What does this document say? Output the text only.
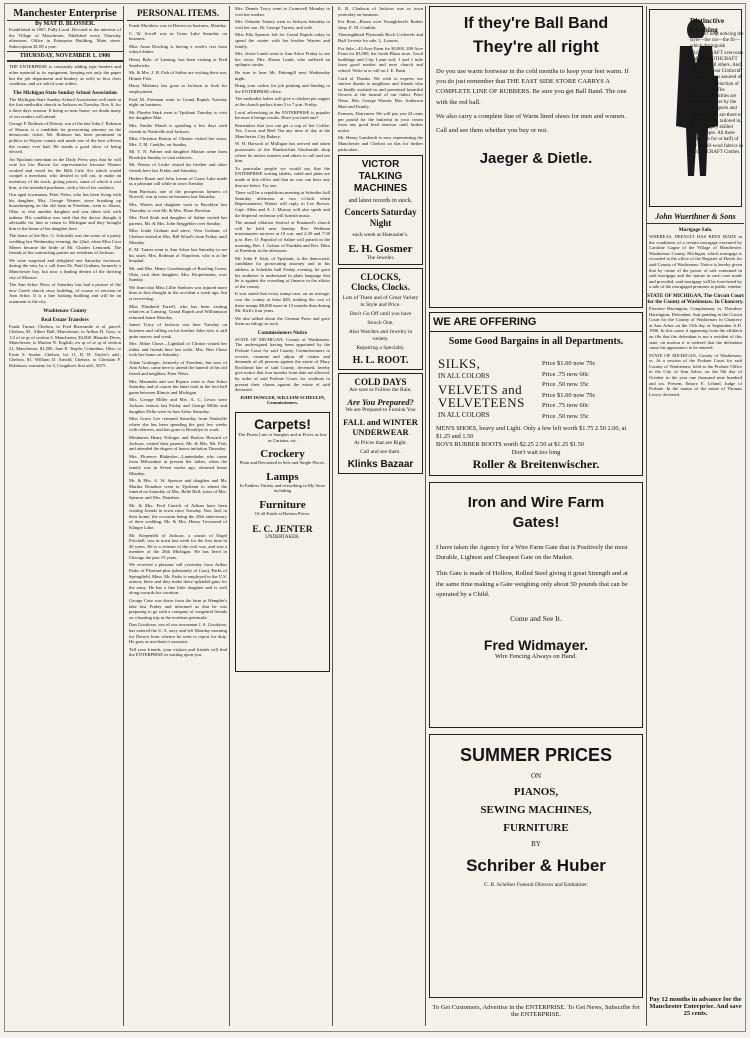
Manchester Enterprise
By MAT D. BLOSSER.
Established in 1867. Fully Local. Devoted to the interests of the Village of Manchester, Published every Thursday afternoon. Office in Enterprise Building, Main street. Subscription $1.00 a year.
THURSDAY, NOVEMBER 1, 1906

THE ENTERPRISE is constantly adding type headers and other material to its equipment, keeping not only the paper but the job department and bindery as well, in first class condition, and we solicit your orders.

The Michigan State Sunday School Association

The Michigan State Sunday School Association will meet at the first methodist church in Jackson on Tuesday, Nov. 6, for a three days session. It being so near home, we doubt many of our readers will attend.

George F. Rothsen of Detroit, son of the late John J. Robison of Sharon, is a candidate for prosecuting attorney on the democratic ticket. Mr. Robison has been prominent in politics in Wayne county and made one of the best officers the county ever had. He stands a good show of being elected.

An Ypsilanti merchant in the Daily Press says that he will vote for Lin Brown for representative because Warner worked and voted for the Bills Cafe Act which would compel a merchant, who desired to sell out, to make an inventory of his stock, giving prices, some of which it cost him, to the intended purchaser, with a list of his creditors.

Our aged townsman, Peter Neiss, who has been living with his daughter, Mrs. George Warner, since breaking up housekeeping on the old farm in Freedom, went to Akron, Ohio, to visit another daughter and was taken sick with asthma. His condition was such that the doctor thought it advisable for him to return to Michigan and they brought him to the home of his daughter here.

The home of the Rev. G. Schoettle was the scene of a pretty wedding last Wednesday evening, the 22nd, when Miss Cora Menes became the bride of Mr. Charles Lemonek. The friends of the contracting parties are residents of Jackson.

We were surprised and delighted one Saturday forenoon, during the rain, by a call from Dr. Paul Graham, formerly a Manchester boy, but now a leading dentist of the thriving city of Monroe.

The Ann Arbor News of Saturday last had a picture of the new Greek church story building, of course of erection in Ann Arbor. It is a fine looking building and will be an ornament to the city.

Washtenaw County
Real Estate Transfers

Frank Turner, Chelsea, to Fred Broesamle et al, parcel, Chelsea, $1. Albert Hall, Manchester, to Arthur H. Goss, w 1/2 of se qr of section 3, Manchester, $3,000. Blanche Diver, Manchester, to Marion N. English, ew qr of se qr of section 21, Manchester, $1,500. Jane E. Teeple, Columbus, Ohio, to Ernie S. Sonier, Chelsea, lot 11, D. H. Taylor's add., Chelsea, $1. William D. Arnold, Chelsea, to Christian F. Robinson, warranty lot 3, Congdon's first add., $375.

PERSONAL ITEMS.

Frank Merithew was in Detroit on business, Monday.

C. W. Jewell was in Grass Lake Saturday on business.

Miss Anna Dowling is having a week's rest from school duties.

Henry Bole, of Lansing, has been visiting at Fred Sandwicks.

Mr. & Mrs. J. H. Fish of Saline are visiting their son, Homer Fish.

Harry Maloney has gone to Jackson to look for employment.

Fred M. Freeman went to Grand Rapids Tuesday night on business.

Mr. Phoebe Stark went to Ypsilanti Tuesday to visit her daughter Mae.

Mrs. Emilie Marsh is spending a few days with friends in Nashville and Jackson.

Miss Christina Barton of Clinton visited her sister, Mrs. T. M. Conklin, on Sunday.

Mr. T. N. Palmer and daughter Marian came from Brooklyn Sunday to visit relatives.

Mr. Waters of Leslie visited his brother and other friends here last Friday and Saturday.

Herbert Bauer and John Lemm of Grass Lake made us a pleasant call while in town Tuesday.

Sam Burtwatt, one of the prosperous farmers of Norvell, was in town on business last Saturday.

Mrs. Waters and daughter went to Brooklyn last Thursday to visit Mr. & Mrs. Elmo Hovelan.

Mrs. Fred Stark and daughter of Saline visited her parents, Mr. & Mrs. John Sieggehler over Sunday.

Miss Linda Graham and niece, Vera Graham, of Chelsea visited at Mrs. Bill Wood's from Friday until Monday.

E. M. Turner went to Ann Arbor last Saturday to see his sister, Mrs. Rodman of Napoleon, who is at the hospital.

Mr. and Mrs. Henry Goodenough of Bowling Green, Ohio, visit their daughter, Mrs. Klopfenstein, over Sunday.

We learn that Miss Lillie Sanborn was injured more than at first thought in the accident a week ago, but is recovering.

Miss Elizabeth Farrell, who has been visiting relatives at Lansing, Grand Rapids and Williamston returned home Monday.

James Tracy of Jackson was here Tuesday on business and calling on his brother John who is still quite narrow and weak.

Mrs. Abbie Chase—Lightball of Clinton visited her father and friends here last week. Mrs. Bert Chase took her home on Saturday.

Adam Gottinger, formerly of Freedom, but now of Ann Arbor, came here to attend the funeral of his old friend and neighbor, Peter Neiss.

Mrs. Marander and son Raynor went to Ann Arbor Saturday and of course the latter took in the foot ball game between Illinois and Michigan.

Mrs. George Miller and Mrs. A. C. Lewis were Jackson visitors last Friday and George Miller and daughter Della were in Ann Arbor Saturday.

Miss Grace Lee returned Saturday from Nashville where she has been spending the past few weeks with relatives, and has gone to Brooklyn to work.

Mesdames Henry Eslinger and Harlow Howard of Jackson, visited their parents, Mr. & Mrs. Mr. Fish, and attended the degree of honor initiation Thursday.

Mrs. Florence Blakeslee—Lantenbahn who came from Milwaukee at present her father, when the family was in Seven weeks ago, returned home Monday.

Mr. & Mrs. A. W. Spencer and daughter and Mr. Martha Donahoe went to Ypsilanti to attend the funeral on Saturday of Mrs. Belle Hall, sister of Mrs. Spencer and Mrs. Donahoe.

Mr. & Mrs. Fred Carrick of Adrian have been visiting friends in town since Tuesday, Nov. 2nd, in their home, the occasion being the 20th anniversary of their wedding, Mr. & Mrs. Henry Townsend of Klinger Lake.

Mr. Kiepenfelt of Jackson, a cousin of Engel Fritchell, was in town last week for the first time in 40 years. He is a veteran of the civil war, and was a member of the 20th Michigan. He has lived in Chicago the past 15 years.

We received a pleasant call yesterday from Arthur Parks of Pleasant-plus (pleasantly of Cass), Parks of Springfield, Mass. Mr. Parks is employed in the U.S. armory there and they make these splendid guns for the army. He has a fine little daughter and is well along towards his vacation.

George Case was down from the farm at Wampler's lake last Friday and informed us that he was preparing to go with a company of congenial friends on a hunting trip in the northern peninsula.

Dan Goodyear, son of our townsman J. S. Goodyear, has entered the U. S. navy and left Monday morning for Detroit from whence he went to report for duty. He goes as mechanic's assistant.

Tell your friends, your visitors and friends will find the ENTERPRISE in waiting upon you.

Mrs. Dennis Tracy went to Cromwell Monday to visit her mother.

Mrs. Orlando Turney went to Jackson Saturday to visit her son, Dr. George Turney, and wife.

Miss Ella Spencer left for Grand Rapids today to spend the winter with her brother Warren and family.

Mrs. Jessie Lamb went to Ann Arbor Friday to see her sister, Mrs. Hiram Lamb, who suffered an epileptic stroke.

Be sure to hear Mr. Pattengill next Wednesday night.

Bring your orders for job printing and binding to the ENTERPRISE office.

The methodist ladies will give a chicken pie supper at the church parlors from 5 to 7 p.m. Friday.

Local advertising in the ENTERPRISE is popular because it brings results. Have you tried one?

Remember that you can get a cup of hot Coffee, Tea, Cocoa and Beef Tea any time of day at the Manchester City Bakery.

W. H. Harsoch of Mulligan has arrived and taken possession of the Handorchini blacksmith shop where he invites farmers and others to call and see him.

To particular people we would say that the ENTERPRISE writing tablets, ruled and plain are made at this office and that no one can have any that are better. Try one.

There will be a republican meeting at Schettler hall Saturday afternoon at two o'clock when Representative Waters will reply to Lee Brown. Capt. Allen and A. J. Murray will also speak and the Imperial orchestra will furnish music.

The annual oblation festival of Emanuel's church will be held next Sunday. Rev. Wellman missionaries services at 10 a.m. and 2:30 and 7:30 p.m. Rev. O. Papsdorf of Saline will preach in the morning, Rev. J. Gohrar of Franklin and Rev. Ditto of Freedom in the afternoon.

Mr. John F. Kirk, of Ypsilanti, is the democratic candidate for prosecuting attorney and in his address at Schettler hall Friday evening, he gave his audience to understand in plain language that he is against the crowding of finance in the affairs of the county.

It was stated that every tramp case, on an average, cost the county at least $20, making the cost of these tramps $8,000 more in 13 months than during Mr. Kirk's four years.

We also talked about the German Press and gave them an eulogy as such.

Commissioners Notice

STATE OF MICHIGAN, County of Washtenaw. The undersigned having been appointed by the Probate Court for said County, Commissioners to receive, examine and adjust all claims and demands of all persons against the estate of Mary Rockhead late of said County, deceased, hereby give notice that four months from date are allowed, by order of said Probate Court, for creditors to present their claims against the estate of said deceased.

JOHN DOWLER, WILLIAM SCHEULIN, Commissioners.

Carpets!
The Finest Line of Samples and at Prices as low as Curtains, etc.
Crockery
Plain and Decorated in Sets and Single Pieces.
Lamps
In Endless Variety and everything in My Store including
Furniture
Of all Kinds at Bottom Prices.
E. C. JENTER
UNDERTAKER.

E. B. Clarkson of Jackson was in town yesterday on business.

For Rent—Room over Youngblood's Barber shop. E. M. Conklin.

Thoroughbred Plymouth Rock Cockerels and Buff Leverie for sale. L. Loomis.

For Sale—43 Acre Farm for $3,000. 200 Acre Farm for $3,000, the Jacob Blum store. Good buildings and Clay Loam soil, 1 and 1 mile from good market and near church and school. Write at or call on J. E. Bush.

Card of Thanks. We wish to express our sincere thanks to neighbors and friends who so kindly assisted us and presented beautiful flowers at the funeral of our father, Peter Neiss. Mrs. George Warner, Mrs. Anderson Blatt and Family.

Farmers, Dairymen. We will pay you 24 cents per pound for the butterfat in your cream from any good bred assessor until further notice.

Mr. Henry Lamberdt is now representing the Manchester and Chelsea on this for further particulars.

VICTOR TALKING MACHINES
and latest records in stock.
Concerts Saturday Night
each week at Haeussler's.
E. H. Gosmer
The Jeweler.
CLOCKS,
Clocks, Clocks.
Lots of Them and of Great Variety in Style and Price.
Don't Go Off until you have
Struck One.
Also Watches and Jewelry in variety.
Repairing a Specialty.
H. L. ROOT.
COLD DAYS
Are sure to Follow the Rain.
Are You Prepared?
We are Prepared to Furnish You
FALL and WINTER UNDERWEAR
At Prices that are Right.
Call and see them.
Klinks Bazaar
If they're Ball Band
They're all right
Do you use warm footwear in the cold months to keep your feet warm. If you do just remember that THE EAST SIDE STORE CARRYS A COMPLETE LINE OF RUBBERS. Be sure you get Ball Band. The one with the red ball.
We also carry a complete line of Warm lined shoes for men and women.
Call and see them whether you buy or not.
Jaeger & Dietle.
WE ARE OFFERING
Some Good Bargains in all Departments.
SILKS,
IN ALL COLORS
VELVETS and
VELVETEENS
IN ALL COLORS
Price $1.00 now 79c
Price .75 now 60c
Price .50 now 35c
Price $1.00 now 79c
Price .75 now 60c
Price .50 now 35c
MEN'S SHOES, heavy and Light. Only a few left worth $1.75 2.50 2.00, at $1.25 and 1.50
BOYS RUBBER BOOTS worth $2.25 2.50 at $1.25 $1.50
Don't wait too long
Roller & Breitenwischer.
Iron and Wire Farm Gates!
I have taken the Agency for a Wire Farm Gate that is Positively the most Durable, Lightest and Cheapest Gate on the Market.
This Gate is made of Hollow, Rolled Steel giving it great Strength and at the same time making a Gate weighing only about 50 pounds that can be operated by a Child.
Come and See It.
Fred Widmayer.
Wire Fencing Always on Hand.
SUMMER PRICES
ON
PIANOS,
SEWING MACHINES,
FURNITURE
BY
Schriber & Huber
C. B. Schriber Funeral Director and Embalmer.
To Get Customers, Advertise in the ENTERPRISE. To Get News, Subscribe for the ENTERPRISE.
Distinctive Clothing
You can't help noticing the style—the cut—the fit—which distinguish CLOTHCRAFT overcoats and all CLOTHCRAFT suits from all others. And when you wear Clothcraft you are always assured of having the distinction of your clothes. The distinctive qualities are there—put there by the very best designers and tailors. If they are there to stay—built in, tailored in, by thoroughly skilled work people. All there isn't room for or half) of any but all-wool fabrics in CLOTHCRAFT Clothes.
John Wuerthner & Sons
Mortgage Sale.

WHEREAS, DEFAULT HAS BEEN MADE in the conditions of a certain mortgage executed by Caroline Gagne of the Village of Manchester, Washtenaw County, Michigan, which mortgage is recorded in the office of the Register of Deeds for said County of Washtenaw. Notice is hereby given that by virtue of the power of sale contained in said mortgage and the statute in such case made and provided, said mortgage will be foreclosed by a sale of the mortgaged premises at public vendue.

STATE OF MICHIGAN, The Circuit Court for the County of Washtenaw. In Chancery.

Florence Harrington, Complainant, vs. Theodore Harrington, Defendant. Suit pending in the Circuit Court for the County of Washtenaw in Chancery at Ann Arbor on the 15th day of September A.D. 1906. In this cause it appearing from the affidavit on file that the defendant is not a resident of this state, on motion it is ordered that the defendant cause his appearance to be entered.

STATE OF MICHIGAN, County of Washtenaw, ss. At a session of the Probate Court for said County of Washtenaw, held at the Probate Office in the City of Ann Arbor, on the 9th day of October in the year one thousand nine hundred and six. Present, Emory E. Leland, Judge of Probate. In the matter of the estate of Thomas Lowry deceased.

Pay 12 months in advance for the Manchester Enterprise. And save 25 cents.
